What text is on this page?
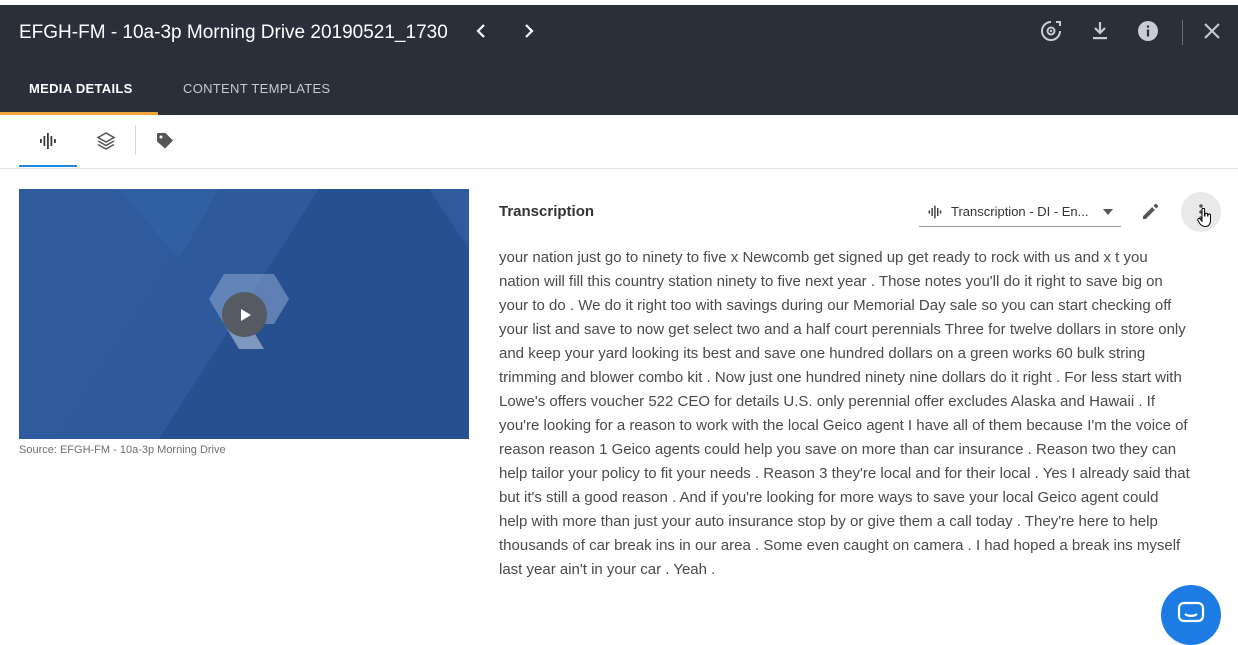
EFGH-FM - 10a-3p Morning Drive 20190521_1730
MEDIA DETAILS	CONTENT TEMPLATES
Source: EFGH-FM - 10a-3p Morning Drive
Transcription	Transcription - DI - En...
your nation just go to ninety to five x Newcomb get signed up get ready to rock with us and x t you
nation will fill this country station ninety to five next year . Those notes you'll do it right to save big on
your to do . We do it right too with savings during our Memorial Day sale so you can start checking off
your list and save to now get select two and a half court perennials Three for twelve dollars in store only
and keep your yard looking its best and save one hundred dollars on a green works 60 bulk string
trimming and blower combo kit . Now just one hundred ninety nine dollars do it right . For less start with
Lowe's offers voucher 522 CEO for details U.S. only perennial offer excludes Alaska and Hawaii . If
you're looking for a reason to work with the local Geico agent I have all of them because I'm the voice of
reason reason 1 Geico agents could help you save on more than car insurance . Reason two they can
help tailor your policy to fit your needs . Reason 3 they're local and for their local . Yes I already said that
but it's still a good reason . And if you're looking for more ways to save your local Geico agent could
help with more than just your auto insurance stop by or give them a call today . They're here to help
thousands of car break ins in our area . Some even caught on camera . I had hoped a break ins myself
last year ain't in your car . Yeah .
